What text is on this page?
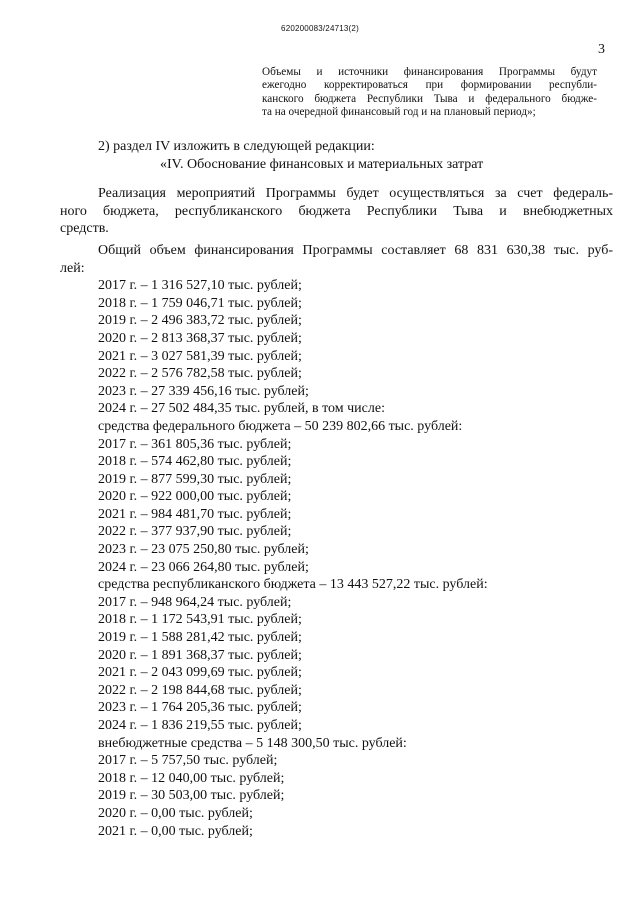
620200083/24713(2)
3
Объемы и источники финансирования Программы будут
ежегодно корректироваться при формировании республи-
канского бюджета Республики Тыва и федерального бюдже-
та на очередной финансовый год и на плановый период»;
2) раздел IV изложить в следующей редакции:
«IV. Обоснование финансовых и материальных затрат
Реализация мероприятий Программы будет осуществляться за счет федераль-
ного бюджета, республиканского бюджета Республики Тыва и внебюджетных
средств.
Общий объем финансирования Программы составляет 68 831 630,38 тыс. руб-
лей:
2017 г. – 1 316 527,10 тыс. рублей;
2018 г. – 1 759 046,71 тыс. рублей;
2019 г. – 2 496 383,72 тыс. рублей;
2020 г. – 2 813 368,37 тыс. рублей;
2021 г. – 3 027 581,39 тыс. рублей;
2022 г. – 2 576 782,58 тыс. рублей;
2023 г. – 27 339 456,16 тыс. рублей;
2024 г. – 27 502 484,35 тыс. рублей, в том числе:
средства федерального бюджета – 50 239 802,66 тыс. рублей:
2017 г. – 361 805,36 тыс. рублей;
2018 г. – 574 462,80 тыс. рублей;
2019 г. – 877 599,30 тыс. рублей;
2020 г. – 922 000,00 тыс. рублей;
2021 г. – 984 481,70 тыс. рублей;
2022 г. – 377 937,90 тыс. рублей;
2023 г. – 23 075 250,80 тыс. рублей;
2024 г. – 23 066 264,80 тыс. рублей;
средства республиканского бюджета – 13 443 527,22 тыс. рублей:
2017 г. – 948 964,24 тыс. рублей;
2018 г. – 1 172 543,91 тыс. рублей;
2019 г. – 1 588 281,42 тыс. рублей;
2020 г. – 1 891 368,37 тыс. рублей;
2021 г. – 2 043 099,69 тыс. рублей;
2022 г. – 2 198 844,68 тыс. рублей;
2023 г. – 1 764 205,36 тыс. рублей;
2024 г. – 1 836 219,55 тыс. рублей;
внебюджетные средства – 5 148 300,50 тыс. рублей:
2017 г. – 5 757,50 тыс. рублей;
2018 г. – 12 040,00 тыс. рублей;
2019 г. – 30 503,00 тыс. рублей;
2020 г. – 0,00 тыс. рублей;
2021 г. – 0,00 тыс. рублей;
